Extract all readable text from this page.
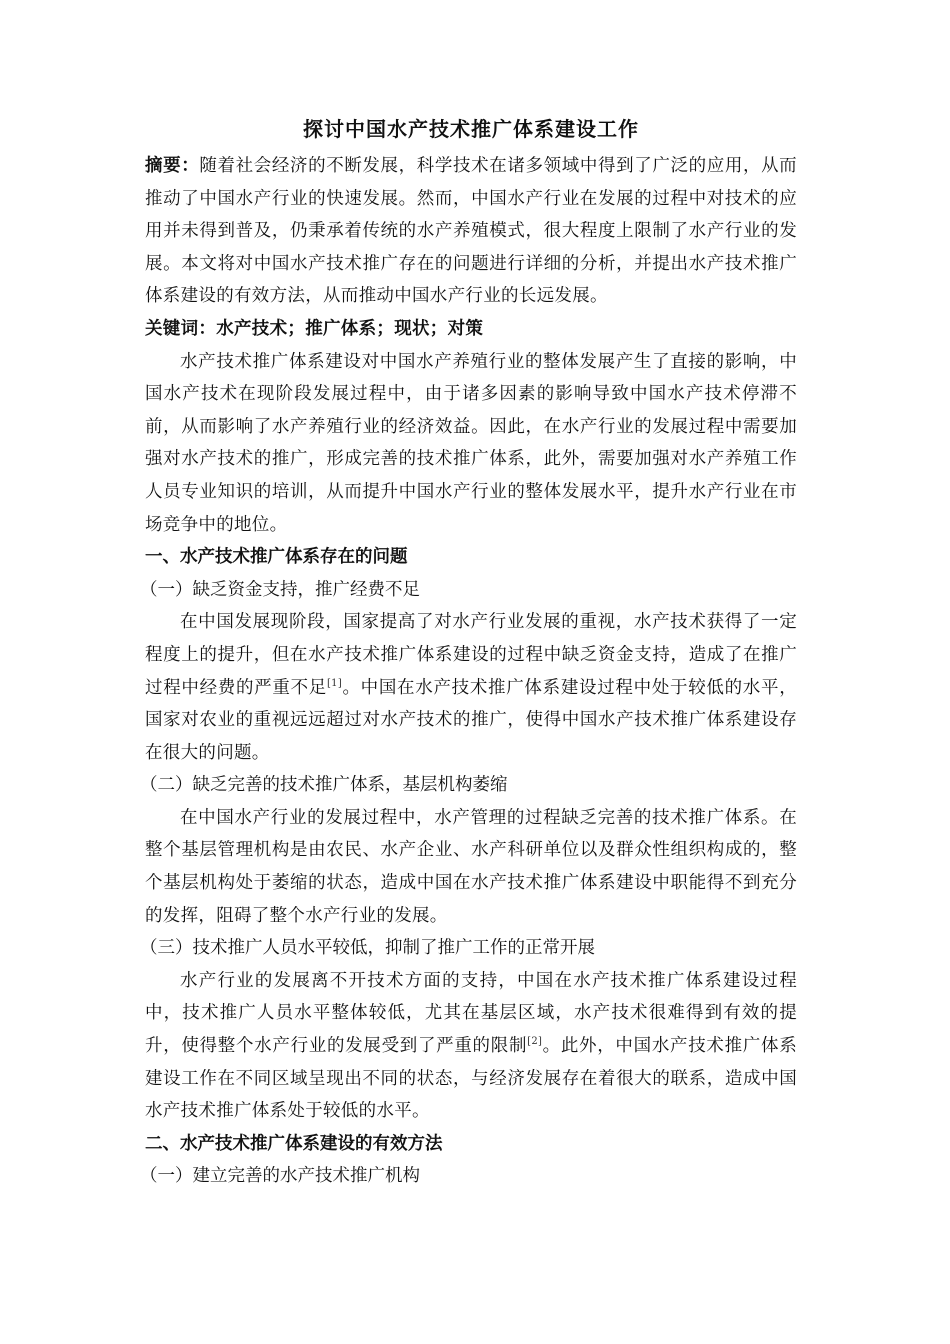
探讨中国水产技术推广体系建设工作

摘要：随着社会经济的不断发展，科学技术在诸多领域中得到了广泛的应用，从而推动了中国水产行业的快速发展。然而，中国水产行业在发展的过程中对技术的应用并未得到普及，仍秉承着传统的水产养殖模式，很大程度上限制了水产行业的发展。本文将对中国水产技术推广存在的问题进行详细的分析，并提出水产技术推广体系建设的有效方法，从而推动中国水产行业的长远发展。

关键词：水产技术；推广体系；现状；对策

水产技术推广体系建设对中国水产养殖行业的整体发展产生了直接的影响，中国水产技术在现阶段发展过程中，由于诸多因素的影响导致中国水产技术停滞不前，从而影响了水产养殖行业的经济效益。因此，在水产行业的发展过程中需要加强对水产技术的推广，形成完善的技术推广体系，此外，需要加强对水产养殖工作人员专业知识的培训，从而提升中国水产行业的整体发展水平，提升水产行业在市场竞争中的地位。

一、水产技术推广体系存在的问题

（一）缺乏资金支持，推广经费不足

在中国发展现阶段，国家提高了对水产行业发展的重视，水产技术获得了一定程度上的提升，但在水产技术推广体系建设的过程中缺乏资金支持，造成了在推广过程中经费的严重不足[1]。中国在水产技术推广体系建设过程中处于较低的水平，国家对农业的重视远远超过对水产技术的推广，使得中国水产技术推广体系建设存在很大的问题。

（二）缺乏完善的技术推广体系，基层机构萎缩

在中国水产行业的发展过程中，水产管理的过程缺乏完善的技术推广体系。在整个基层管理机构是由农民、水产企业、水产科研单位以及群众性组织构成的，整个基层机构处于萎缩的状态，造成中国在水产技术推广体系建设中职能得不到充分的发挥，阻碍了整个水产行业的发展。

（三）技术推广人员水平较低，抑制了推广工作的正常开展

水产行业的发展离不开技术方面的支持，中国在水产技术推广体系建设过程中，技术推广人员水平整体较低，尤其在基层区域，水产技术很难得到有效的提升，使得整个水产行业的发展受到了严重的限制[2]。此外，中国水产技术推广体系建设工作在不同区域呈现出不同的状态，与经济发展存在着很大的联系，造成中国水产技术推广体系处于较低的水平。

二、水产技术推广体系建设的有效方法

（一）建立完善的水产技术推广机构
